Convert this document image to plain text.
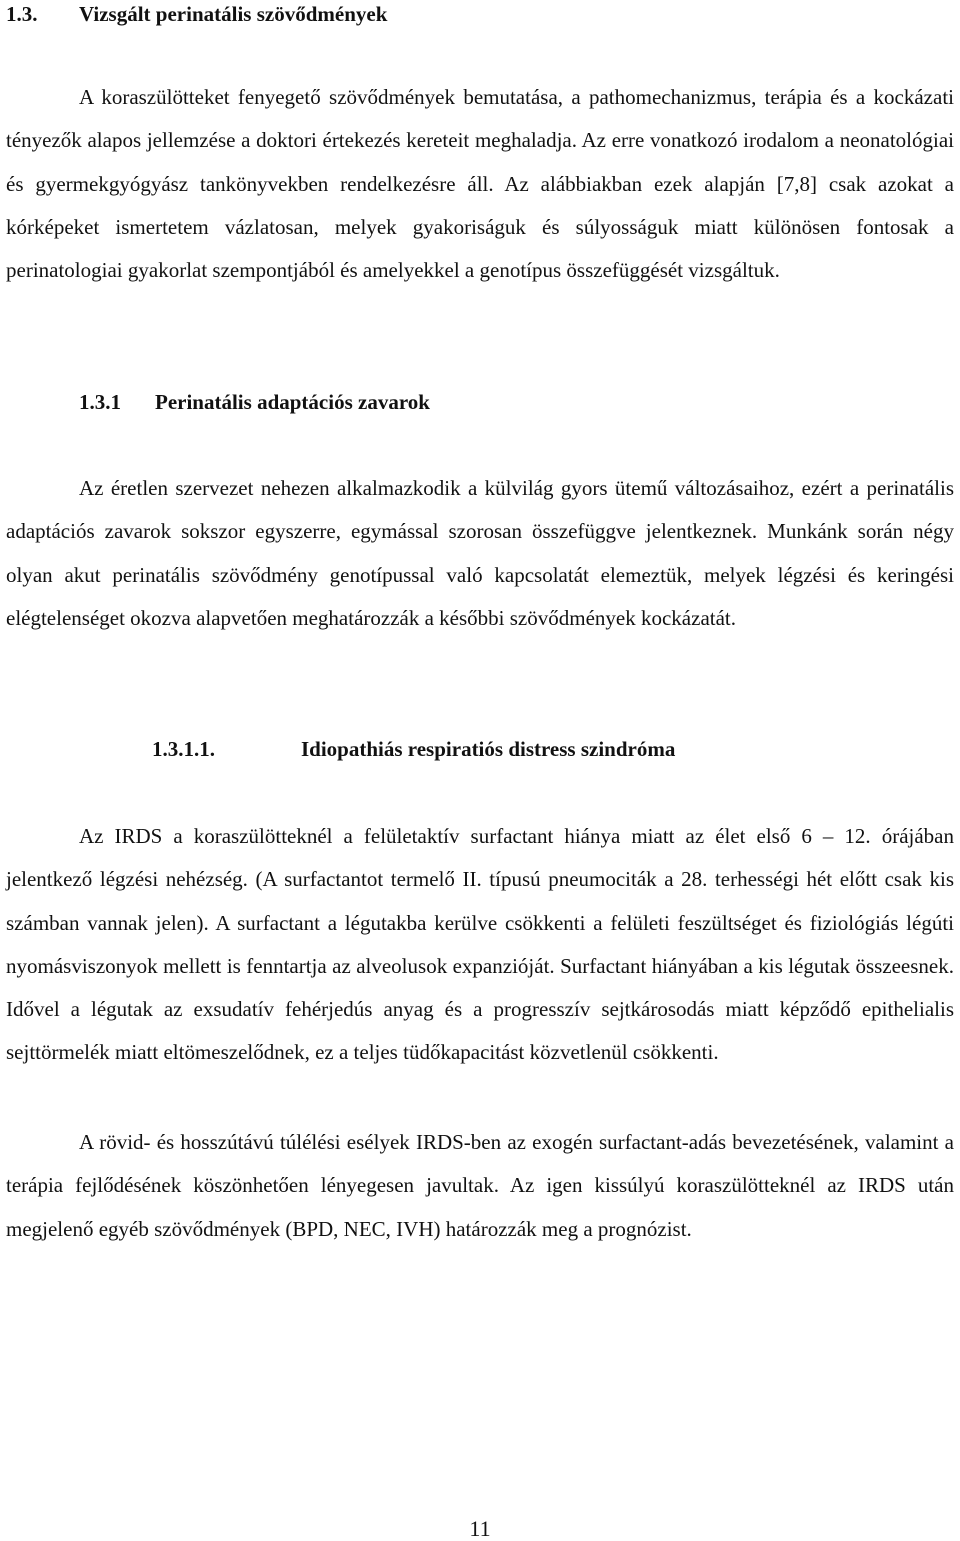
1.3. Vizsgált perinatális szövődmények

A koraszülötteket fenyegető szövődmények bemutatása, a pathomechanizmus, terápia és a kockázati tényezők alapos jellemzése a doktori értekezés kereteit meghaladja. Az erre vonatkozó irodalom a neonatológiai és gyermekgyógyász tankönyvekben rendelkezésre áll. Az alábbiakban ezek alapján [7,8] csak azokat a kórképeket ismertetem vázlatosan, melyek gyakoriságuk és súlyosságuk miatt különösen fontosak a perinatologiai gyakorlat szempontjából és amelyekkel a genotípus összefüggését vizsgáltuk.

1.3.1 Perinatális adaptációs zavarok

Az éretlen szervezet nehezen alkalmazkodik a külvilág gyors ütemű változásaihoz, ezért a perinatális adaptációs zavarok sokszor egyszerre, egymással szorosan összefüggve jelentkeznek. Munkánk során négy olyan akut perinatális szövődmény genotípussal való kapcsolatát elemeztük, melyek légzési és keringési elégtelenséget okozva alapvetően meghatározzák a későbbi szövődmények kockázatát.

1.3.1.1.	Idiopathiás respiratiós distress szindróma

Az IRDS a koraszülötteknél a felületaktív surfactant hiánya miatt az élet első 6 – 12. órájában jelentkező légzési nehézség. (A surfactantot termelő II. típusú pneumociták a 28. terhességi hét előtt csak kis számban vannak jelen). A surfactant a légutakba kerülve csökkenti a felületi feszültséget és fiziológiás légúti nyomásviszonyok mellett is fenntartja az alveolusok expanzióját. Surfactant hiányában a kis légutak összeesnek. Idővel a légutak az exsudatív fehérjedús anyag és a progresszív sejtkárosodás miatt képződő epithelialis sejttörmelék miatt eltömeszelődnek, ez a teljes tüdőkapacitást közvetlenül csökkenti.

A rövid- és hosszútávú túlélési esélyek IRDS-ben az exogén surfactant-adás bevezetésének, valamint a terápia fejlődésének köszönhetően lényegesen javultak. Az igen kissúlyú koraszülötteknél az IRDS után megjelenő egyéb szövődmények (BPD, NEC, IVH) határozzák meg a prognózist.

11
